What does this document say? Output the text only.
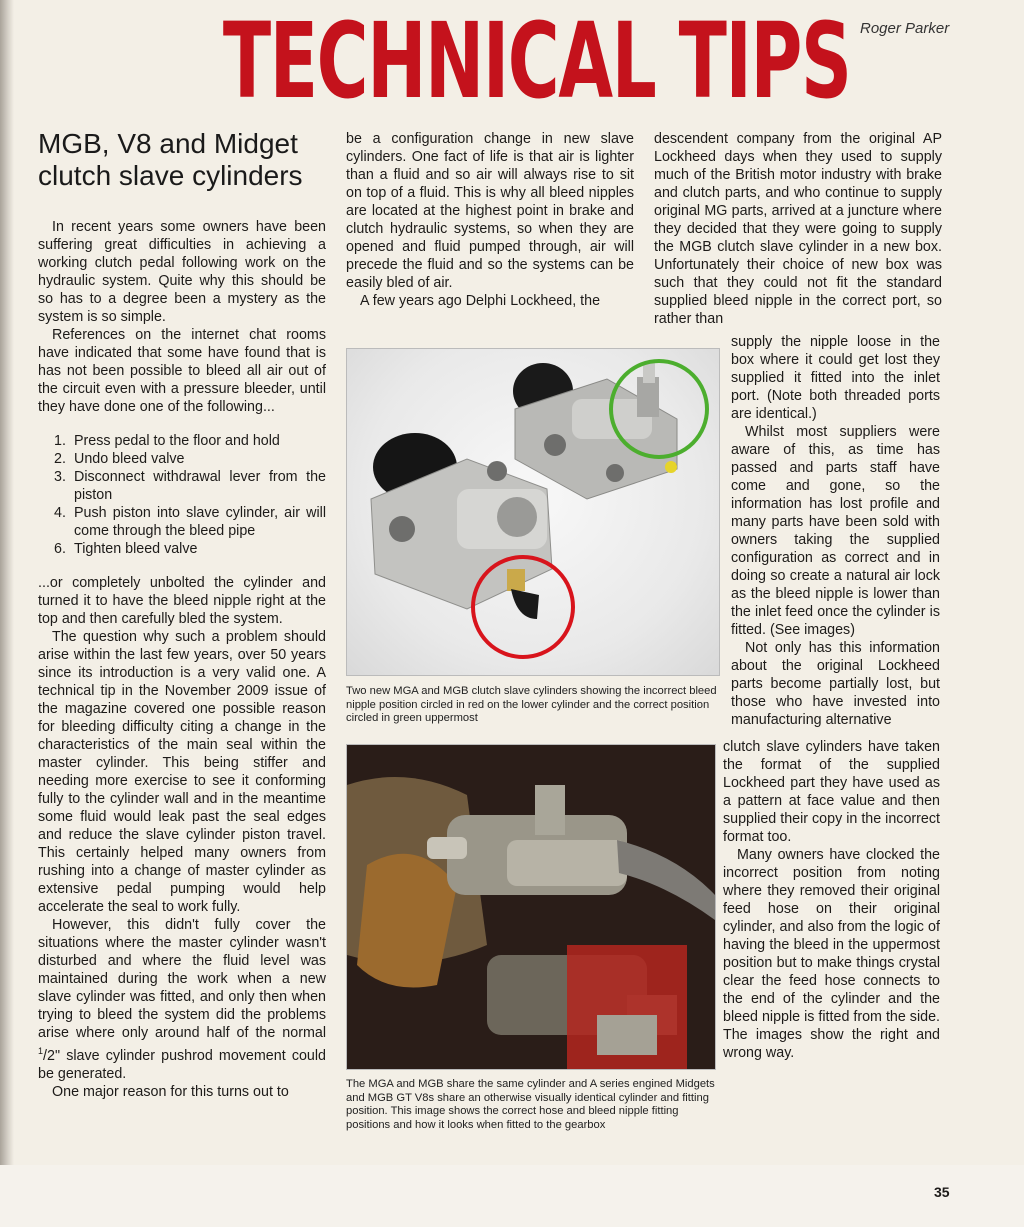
TECHNICAL TIPS Roger Parker
MGB, V8 and Midget clutch slave cylinders

In recent years some owners have been suffering great difficulties in achieving a working clutch pedal following work on the hydraulic system. Quite why this should be so has to a degree been a mystery as the system is so simple.

References on the internet chat rooms have indicated that some have found that is has not been possible to bleed all air out of the circuit even with a pressure bleeder, until they have done one of the following...

1. Press pedal to the floor and hold
2. Undo bleed valve
3. Disconnect withdrawal lever from the piston
4. Push piston into slave cylinder, air will come through the bleed pipe
6. Tighten bleed valve

...or completely unbolted the cylinder and turned it to have the bleed nipple right at the top and then carefully bled the system.

The question why such a problem should arise within the last few years, over 50 years since its introduction is a very valid one. A technical tip in the November 2009 issue of the magazine covered one possible reason for bleeding difficulty citing a change in the characteristics of the main seal within the master cylinder. This being stiffer and needing more exercise to see it conforming fully to the cylinder wall and in the meantime some fluid would leak past the seal edges and reduce the slave cylinder piston travel. This certainly helped many owners from rushing into a change of master cylinder as extensive pedal pumping would help accelerate the seal to work fully.

However, this didn't fully cover the situations where the master cylinder wasn't disturbed and where the fluid level was maintained during the work when a new slave cylinder was fitted, and only then when trying to bleed the system did the problems arise where only around half of the normal $^1$/2" slave cylinder pushrod movement could be generated.

One major reason for this turns out to

be a configuration change in new slave cylinders. One fact of life is that air is lighter than a fluid and so air will always rise to sit on top of a fluid. This is why all bleed nipples are located at the highest point in brake and clutch hydraulic systems, so when they are opened and fluid pumped through, air will precede the fluid and so the systems can be easily bled of air.

A few years ago Delphi Lockheed, the

descendent company from the original AP Lockheed days when they used to supply much of the British motor industry with brake and clutch parts, and who continue to supply original MG parts, arrived at a juncture where they decided that they were going to supply the MGB clutch slave cylinder in a new box. Unfortunately their choice of new box was such that they could not fit the standard supplied bleed nipple in the correct port, so rather than

supply the nipple loose in the box where it could get lost they supplied it fitted into the inlet port. (Note both threaded ports are identical.)

Whilst most suppliers were aware of this, as time has passed and parts staff have come and gone, so the information has lost profile and many parts have been sold with owners taking the supplied configuration as correct and in doing so create a natural air lock as the bleed nipple is lower than the inlet feed once the cylinder is fitted. (See images)

Not only has this information about the original Lockheed parts become partially lost, but those who have invested into manufacturing alternative

clutch slave cylinders have taken the format of the supplied Lockheed part they have used as a pattern at face value and then supplied their copy in the incorrect format too.

Many owners have clocked the incorrect position from noting where they removed their original feed hose on their original cylinder, and also from the logic of having the bleed in the uppermost position but to make things crystal clear the feed hose connects to the end of the cylinder and the bleed nipple is fitted from the side. The images show the right and wrong way.

Two new MGA and MGB clutch slave cylinders showing the incorrect bleed nipple position circled in red on the lower cylinder and the correct position circled in green uppermost
The MGA and MGB share the same cylinder and A series engined Midgets and MGB GT V8s share an otherwise visually identical cylinder and fitting position. This image shows the correct hose and bleed nipple fitting positions and how it looks when fitted to the gearbox
35
